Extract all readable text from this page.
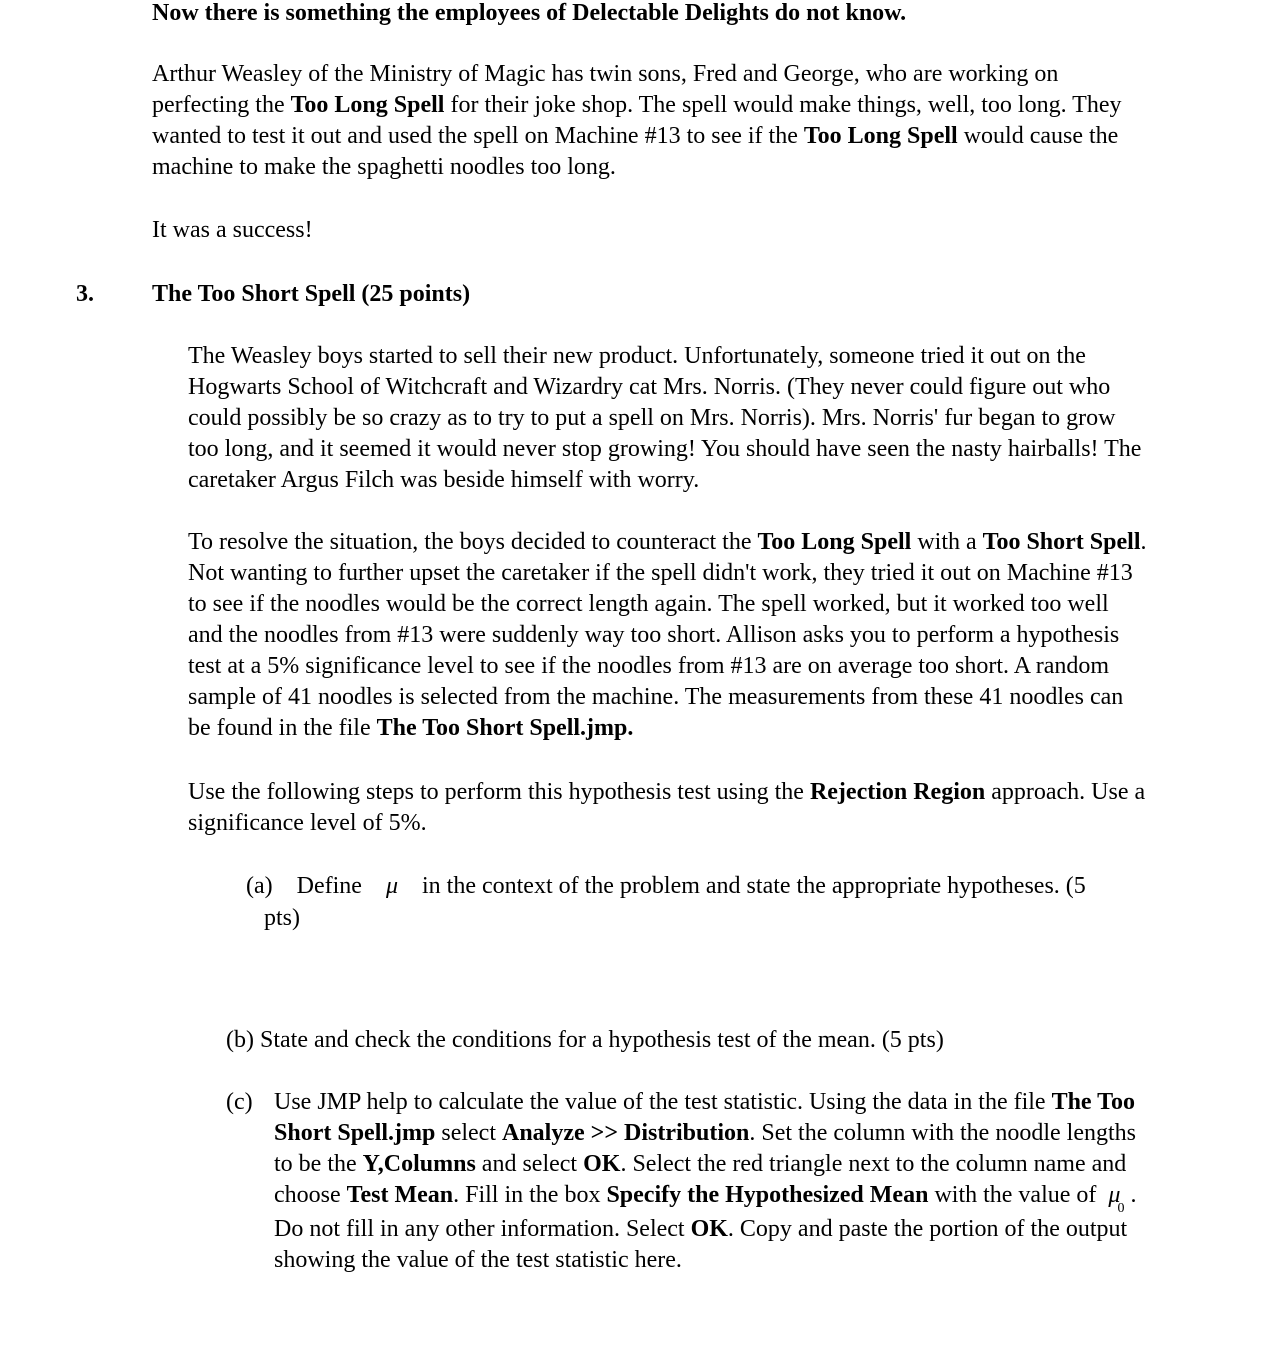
Now there is something the employees of Delectable Delights do not know.

Arthur Weasley of the Ministry of Magic has twin sons, Fred and George, who are working on perfecting the Too Long Spell for their joke shop. The spell would make things, well, too long. They wanted to test it out and used the spell on Machine #13 to see if the Too Long Spell would cause the machine to make the spaghetti noodles too long.

It was a success!

3. The Too Short Spell (25 points)

The Weasley boys started to sell their new product. Unfortunately, someone tried it out on the Hogwarts School of Witchcraft and Wizardry cat Mrs. Norris. (They never could figure out who could possibly be so crazy as to try to put a spell on Mrs. Norris). Mrs. Norris' fur began to grow too long, and it seemed it would never stop growing! You should have seen the nasty hairballs! The caretaker Argus Filch was beside himself with worry.

To resolve the situation, the boys decided to counteract the Too Long Spell with a Too Short Spell. Not wanting to further upset the caretaker if the spell didn't work, they tried it out on Machine #13 to see if the noodles would be the correct length again. The spell worked, but it worked too well and the noodles from #13 were suddenly way too short. Allison asks you to perform a hypothesis test at a 5% significance level to see if the noodles from #13 are on average too short. A random sample of 41 noodles is selected from the machine. The measurements from these 41 noodles can be found in the file The Too Short Spell.jmp.

Use the following steps to perform this hypothesis test using the Rejection Region approach. Use a significance level of 5%.

(a) Define μ in the context of the problem and state the appropriate hypotheses. (5

pts)

(b) State and check the conditions for a hypothesis test of the mean. (5 pts)

(c) Use JMP help to calculate the value of the test statistic. Using the data in the file The Too Short Spell.jmp select Analyze >> Distribution. Set the column with the noodle lengths to be the Y,Columns and select OK. Select the red triangle next to the column name and choose Test Mean. Fill in the box Specify the Hypothesized Mean with the value of  $\mu_0$ . Do not fill in any other information. Select OK. Copy and paste the portion of the output showing the value of the test statistic here.
